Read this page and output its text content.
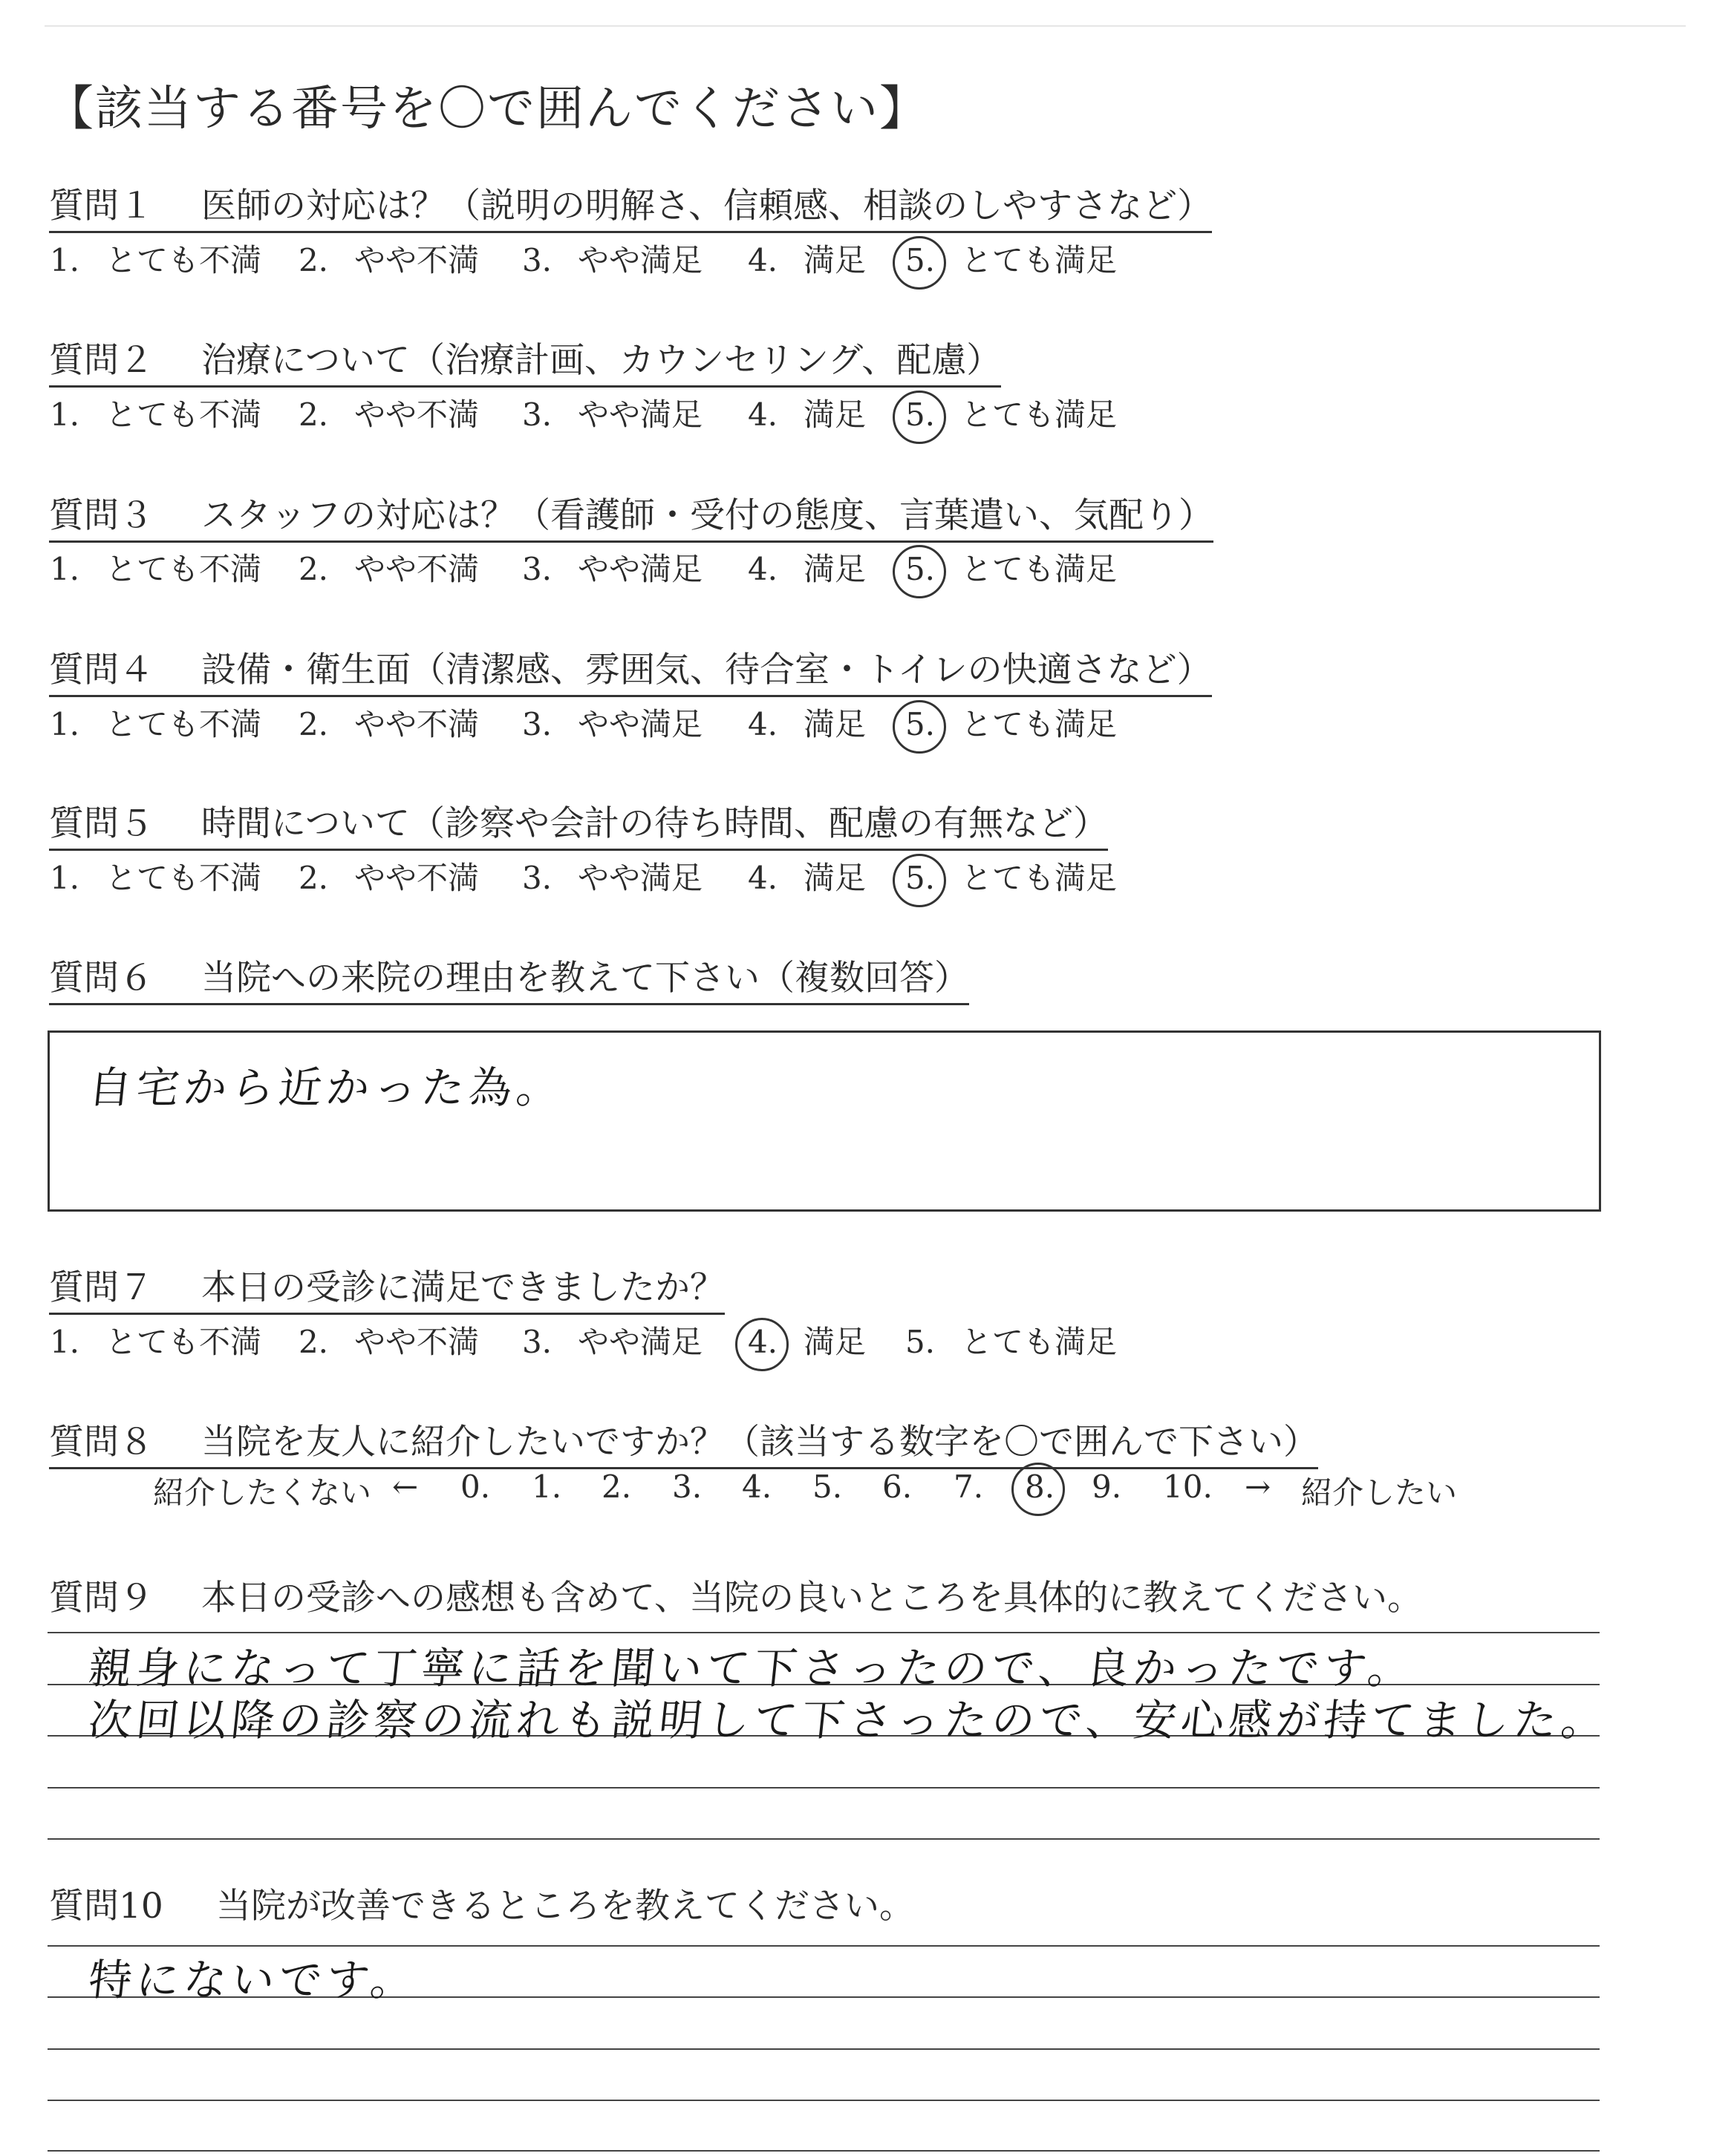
【該当する番号を〇で囲んでください】
質問１ 医師の対応は？（説明の明解さ、信頼感、相談のしやすさなど）
1. とても不満 2. やや不満 3. やや満足 4. 満足 5. とても満足
質問２ 治療について（治療計画、カウンセリング、配慮）
1. とても不満 2. やや不満 3. やや満足 4. 満足 5. とても満足
質問３ スタッフの対応は？（看護師・受付の態度、言葉遣い、気配り）
1. とても不満 2. やや不満 3. やや満足 4. 満足 5. とても満足
質問４ 設備・衛生面（清潔感、雰囲気、待合室・トイレの快適さなど）
1. とても不満 2. やや不満 3. やや満足 4. 満足 5. とても満足
質問５ 時間について（診察や会計の待ち時間、配慮の有無など）
1. とても不満 2. やや不満 3. やや満足 4. 満足 5. とても満足
質問６ 当院への来院の理由を教えて下さい（複数回答）
自宅から近かった為。
質問７ 本日の受診に満足できましたか？
1. とても不満 2. やや不満 3. やや満足 4. 満足 5. とても満足
質問８ 当院を友人に紹介したいですか？（該当する数字を〇で囲んで下さい）
紹介したくない ← 0. 1. 2. 3. 4. 5. 6. 7. 8. 9. 10. → 紹介したい
質問９ 本日の受診への感想も含めて、当院の良いところを具体的に教えてください。
親身になって丁寧に話を聞いて下さったので、良かったです。
次回以降の診察の流れも説明して下さったので、安心感が持てました。
質問10 当院が改善できるところを教えてください。
特にないです。
